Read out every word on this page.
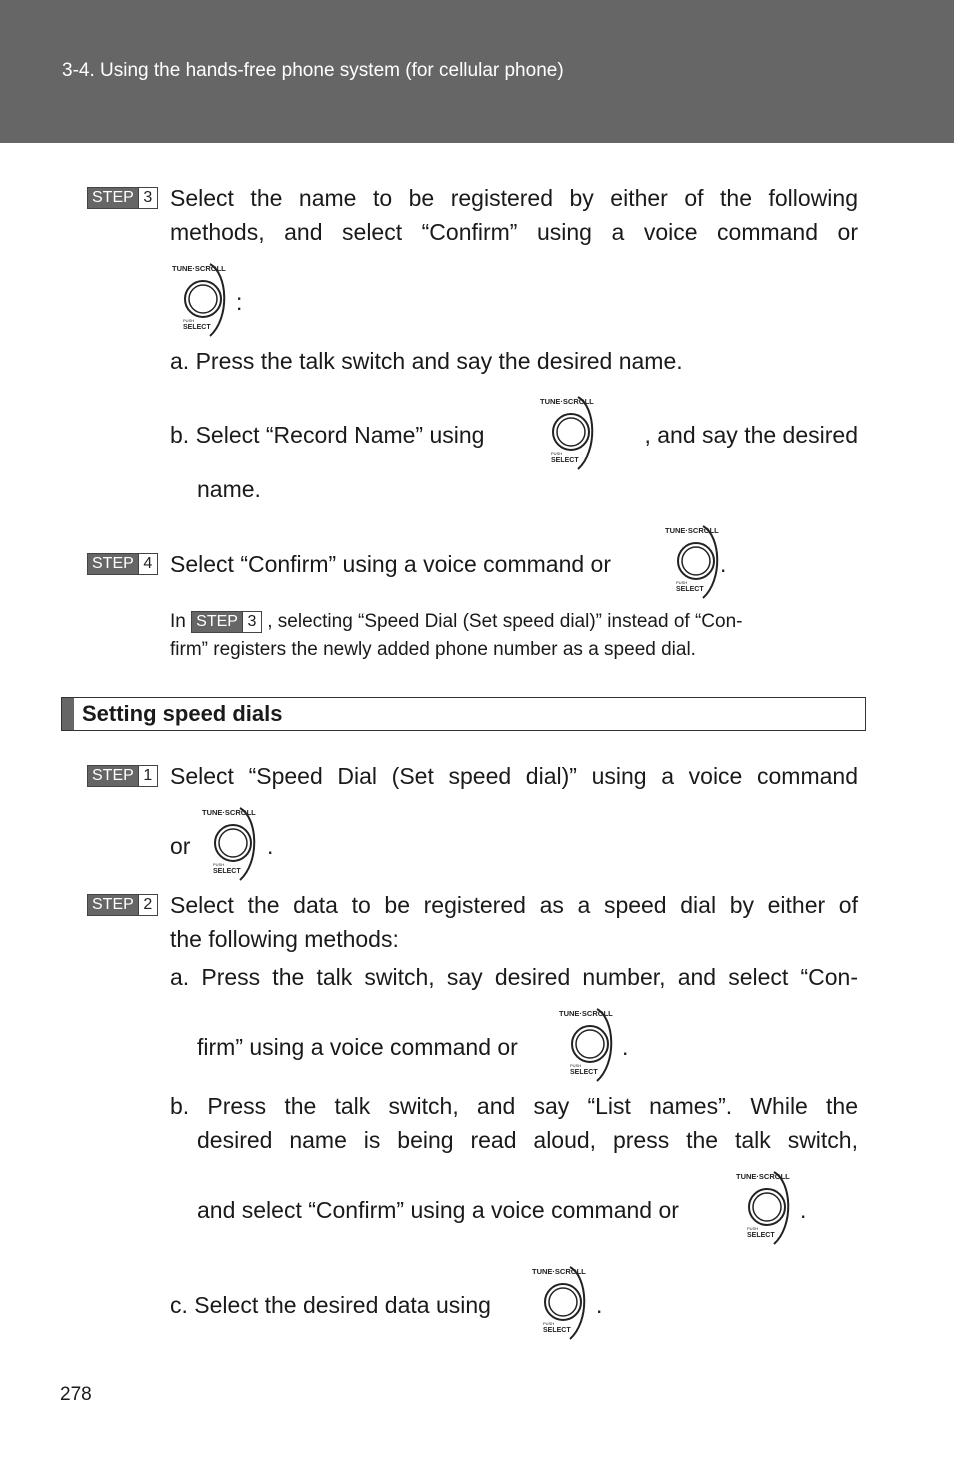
3-4. Using the hands-free phone system (for cellular phone)
STEP 3 Select the name to be registered by either of the following
methods, and select “Confirm” using a voice command or
TUNE·SCROLL
PUSH
SELECT
:
a. Press the talk switch and say the desired name.
b. Select “Record Name” using
TUNE·SCROLL
PUSH
SELECT
, and say the desired
name.
STEP 4 Select “Confirm” using a voice command or
TUNE·SCROLL
PUSH
SELECT
.
In STEP 3 , selecting “Speed Dial (Set speed dial)” instead of “Con-
firm” registers the newly added phone number as a speed dial.
Setting speed dials
STEP 1 Select “Speed Dial (Set speed dial)” using a voice command
or
TUNE·SCROLL
PUSH
SELECT
.
STEP 2 Select the data to be registered as a speed dial by either of
the following methods:
a. Press the talk switch, say desired number, and select “Con-
firm” using a voice command or
TUNE·SCROLL
PUSH
SELECT
.
b. Press the talk switch, and say “List names”. While the
desired name is being read aloud, press the talk switch,
and select “Confirm” using a voice command or
TUNE·SCROLL
PUSH
SELECT
.
c. Select the desired data using
TUNE·SCROLL
PUSH
SELECT
.
278
